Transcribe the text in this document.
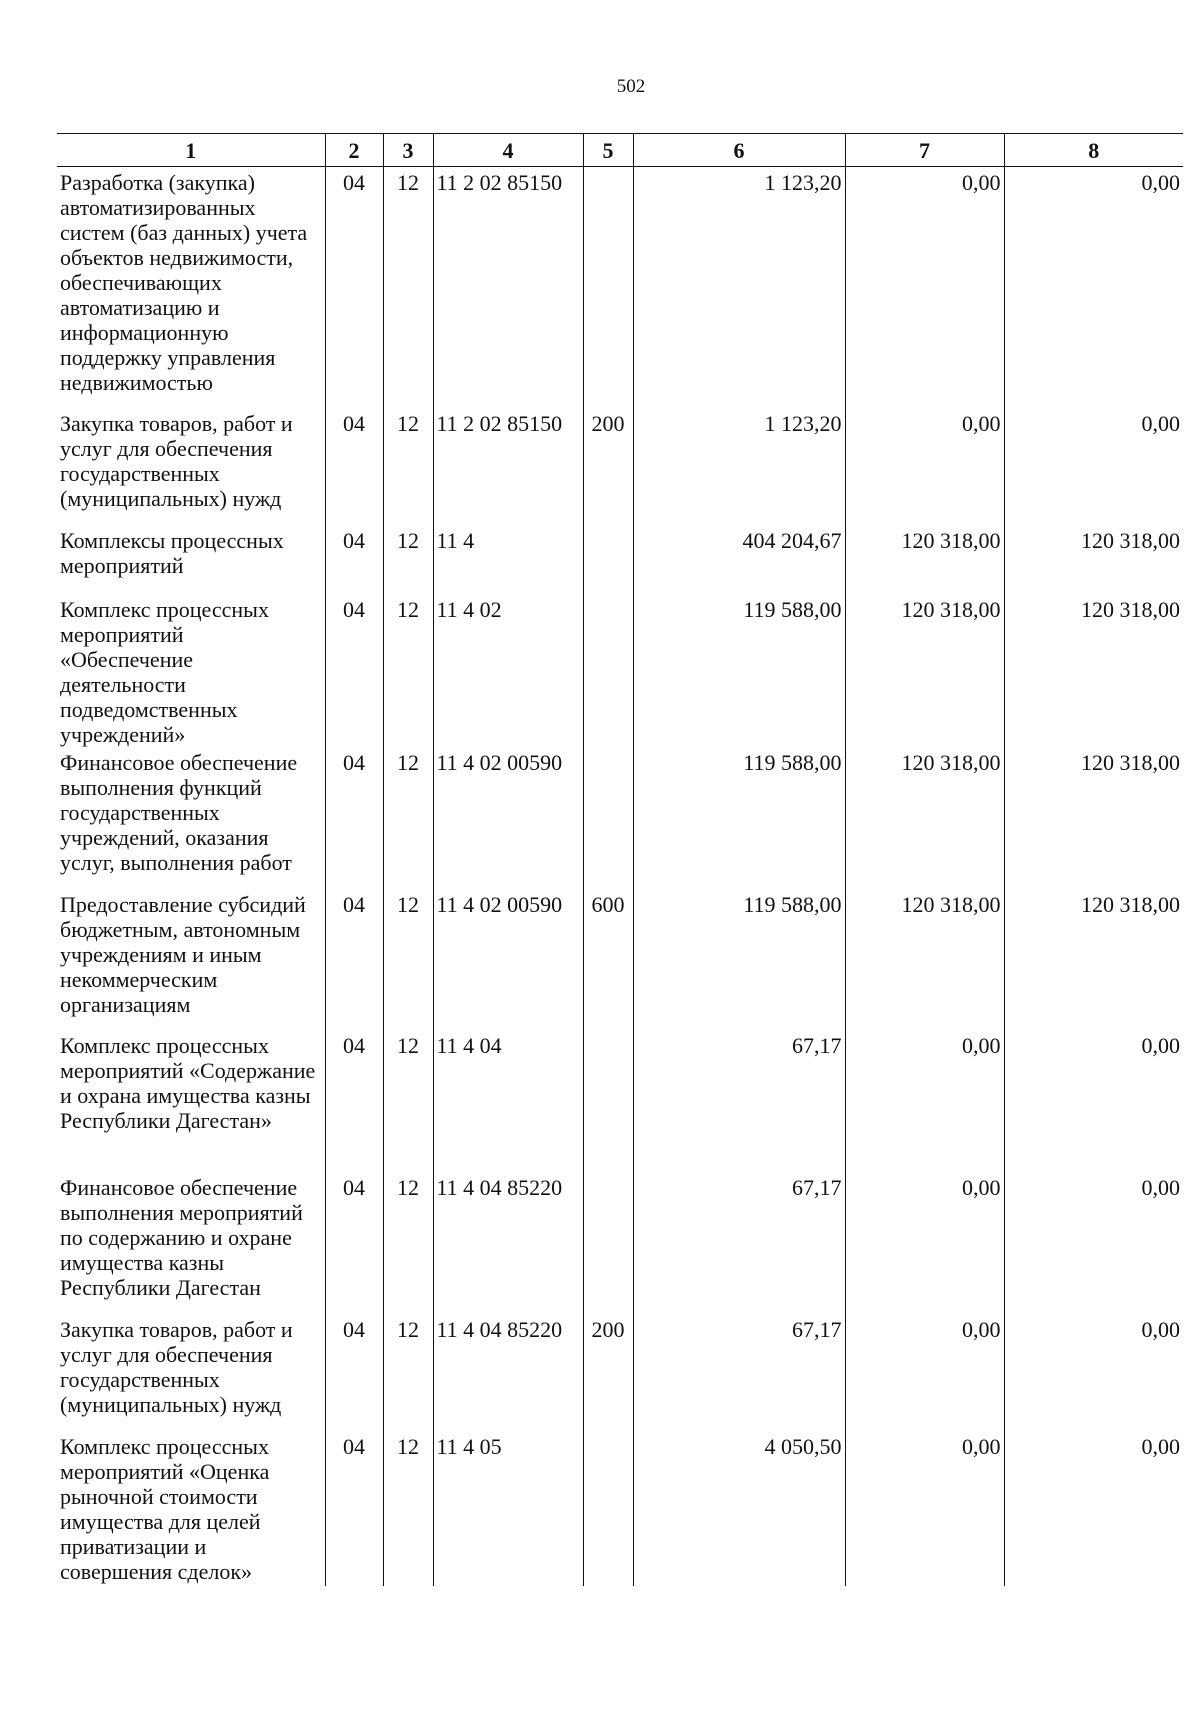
502
1	2	3	4	5	6	7	8
Разработка (закупка) автоматизированных систем (баз данных) учета объектов недвижимости, обеспечивающих автоматизацию и информационную поддержку управления недвижимостью	04	12	11 2 02 85150		1 123,20	0,00	0,00
Закупка товаров, работ и услуг для обеспечения государственных (муниципальных) нужд	04	12	11 2 02 85150	200	1 123,20	0,00	0,00
Комплексы процессных мероприятий	04	12	11 4		404 204,67	120 318,00	120 318,00
Комплекс процессных мероприятий «Обеспечение деятельности подведомственных учреждений»	04	12	11 4 02		119 588,00	120 318,00	120 318,00
Финансовое обеспечение выполнения функций государственных учреждений, оказания услуг, выполнения работ	04	12	11 4 02 00590		119 588,00	120 318,00	120 318,00
Предоставление субсидий бюджетным, автономным учреждениям и иным некоммерческим организациям	04	12	11 4 02 00590	600	119 588,00	120 318,00	120 318,00
Комплекс процессных мероприятий «Содержание и охрана имущества казны Республики Дагестан»	04	12	11 4 04		67,17	0,00	0,00
Финансовое обеспечение выполнения мероприятий по содержанию и охране имущества казны Республики Дагестан	04	12	11 4 04 85220		67,17	0,00	0,00
Закупка товаров, работ и услуг для обеспечения государственных (муниципальных) нужд	04	12	11 4 04 85220	200	67,17	0,00	0,00
Комплекс процессных мероприятий «Оценка рыночной стоимости имущества для целей приватизации и совершения сделок»	04	12	11 4 05		4 050,50	0,00	0,00
